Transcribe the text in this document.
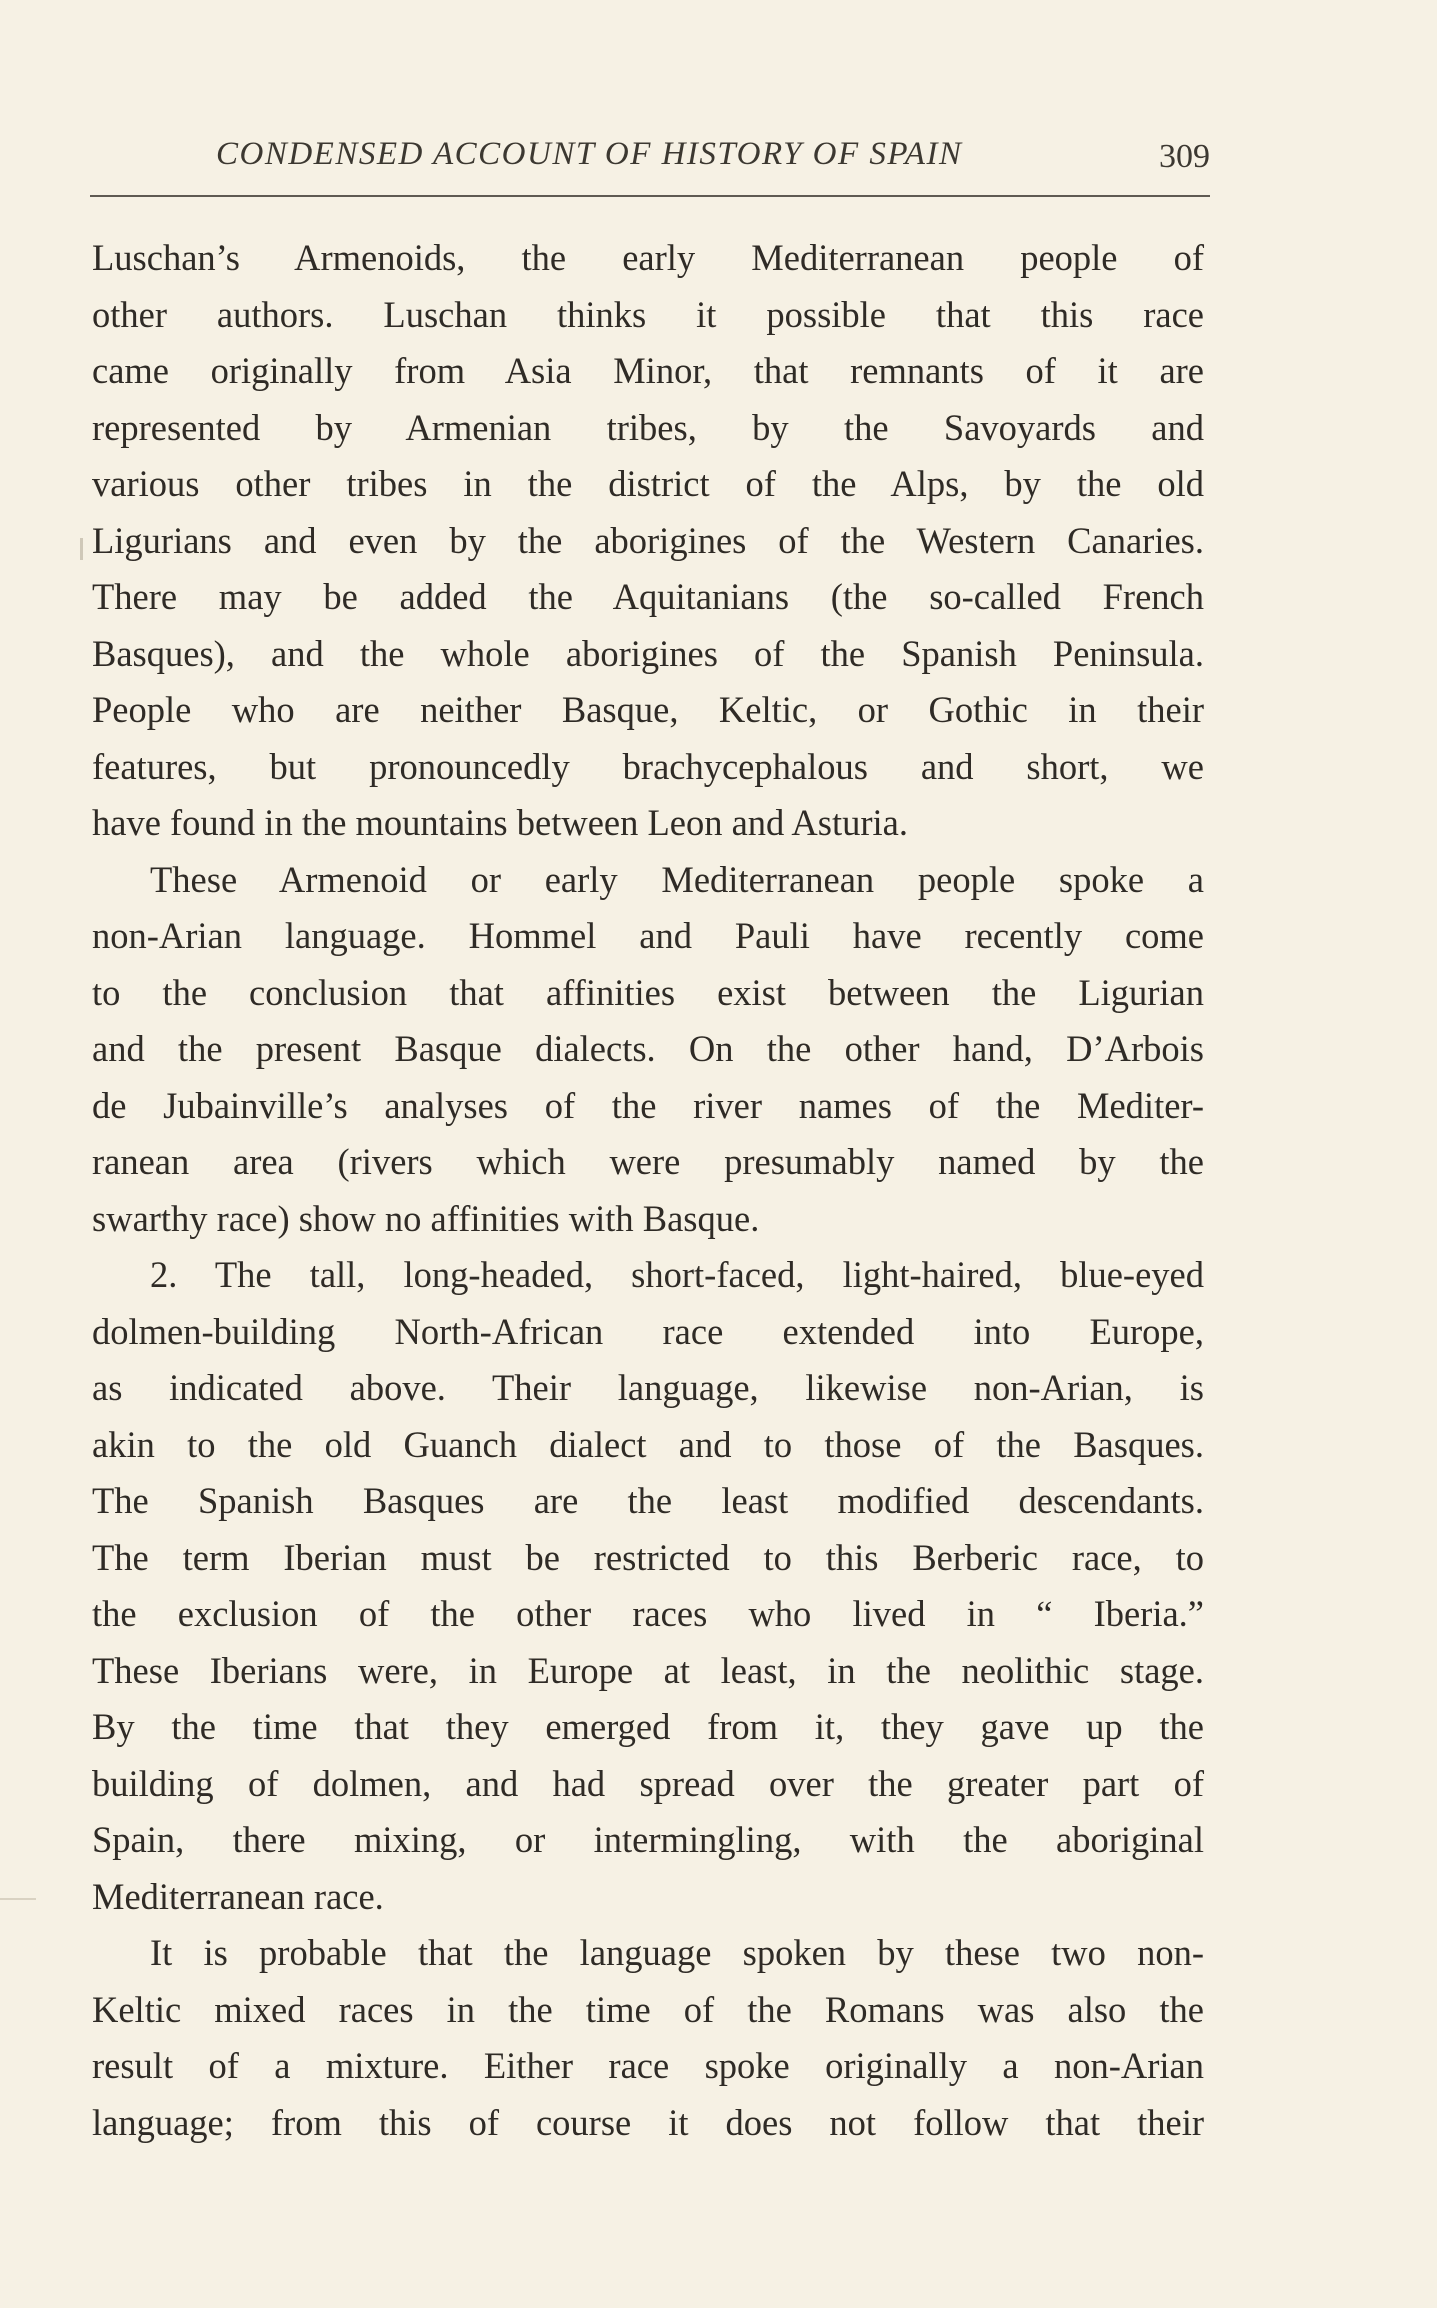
CONDENSED ACCOUNT OF HISTORY OF SPAIN	309

Luschan’s Armenoids, the early Mediterranean people of
other authors. Luschan thinks it possible that this race
came originally from Asia Minor, that remnants of it are
represented by Armenian tribes, by the Savoyards and
various other tribes in the district of the Alps, by the old
Ligurians and even by the aborigines of the Western Canaries.
There may be added the Aquitanians (the so-called French
Basques), and the whole aborigines of the Spanish Peninsula.
People who are neither Basque, Keltic, or Gothic in their
features, but pronouncedly brachycephalous and short, we
have found in the mountains between Leon and Asturia.

These Armenoid or early Mediterranean people spoke a
non-Arian language. Hommel and Pauli have recently come
to the conclusion that affinities exist between the Ligurian
and the present Basque dialects. On the other hand, D’Arbois
de Jubainville’s analyses of the river names of the Mediter-
ranean area (rivers which were presumably named by the
swarthy race) show no affinities with Basque.

2. The tall, long-headed, short-faced, light-haired, blue-eyed
dolmen-building North-African race extended into Europe,
as indicated above. Their language, likewise non-Arian, is
akin to the old Guanch dialect and to those of the Basques.
The Spanish Basques are the least modified descendants.
The term Iberian must be restricted to this Berberic race, to
the exclusion of the other races who lived in “ Iberia.”
These Iberians were, in Europe at least, in the neolithic stage.
By the time that they emerged from it, they gave up the
building of dolmen, and had spread over the greater part of
Spain, there mixing, or intermingling, with the aboriginal
Mediterranean race.

It is probable that the language spoken by these two non-
Keltic mixed races in the time of the Romans was also the
result of a mixture. Either race spoke originally a non-Arian
language; from this of course it does not follow that their
